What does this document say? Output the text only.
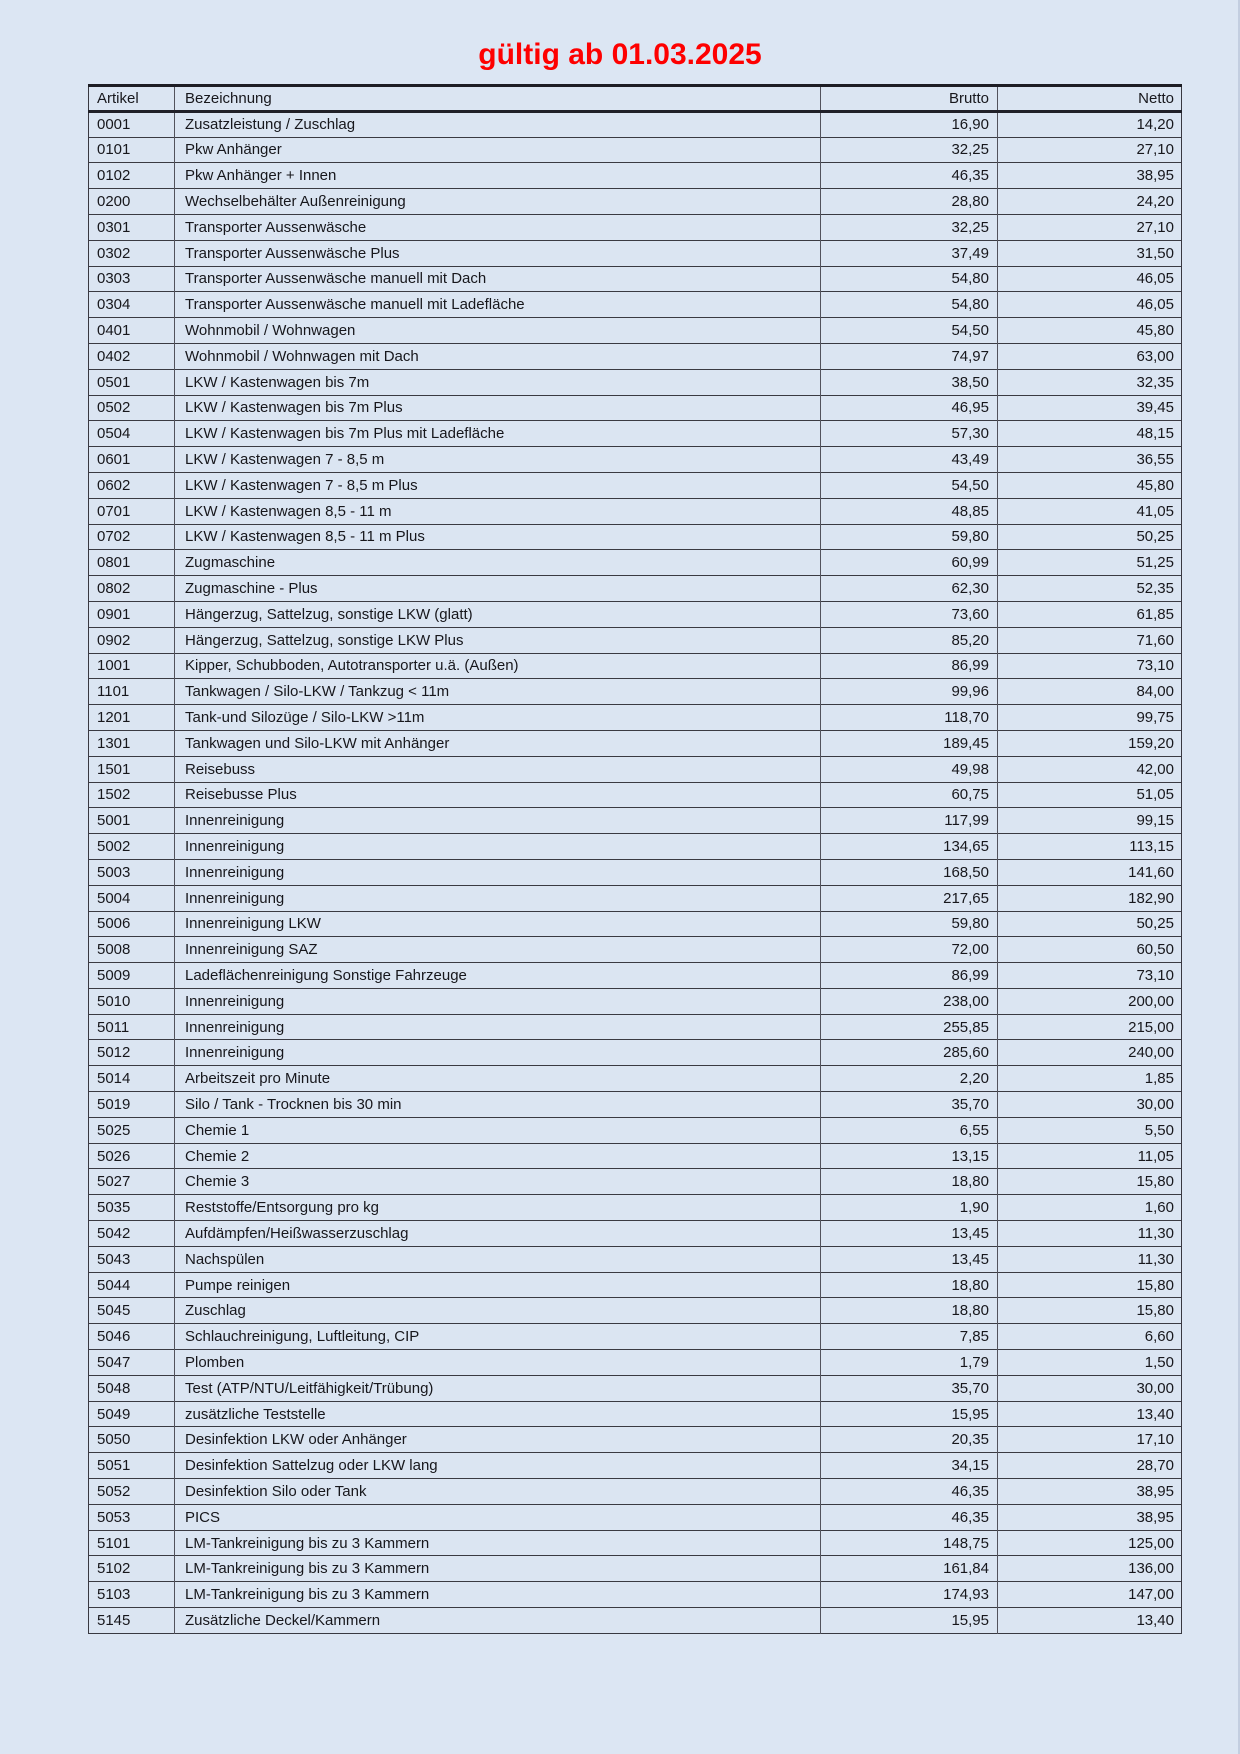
gültig ab 01.03.2025
Artikel	Bezeichnung	Brutto	Netto
0001	Zusatzleistung / Zuschlag	16,90	14,20
0101	Pkw Anhänger	32,25	27,10
0102	Pkw Anhänger + Innen	46,35	38,95
0200	Wechselbehälter Außenreinigung	28,80	24,20
0301	Transporter Aussenwäsche	32,25	27,10
0302	Transporter Aussenwäsche Plus	37,49	31,50
0303	Transporter Aussenwäsche manuell mit Dach	54,80	46,05
0304	Transporter Aussenwäsche manuell mit Ladefläche	54,80	46,05
0401	Wohnmobil / Wohnwagen	54,50	45,80
0402	Wohnmobil / Wohnwagen mit Dach	74,97	63,00
0501	LKW / Kastenwagen bis 7m	38,50	32,35
0502	LKW / Kastenwagen bis 7m Plus	46,95	39,45
0504	LKW / Kastenwagen bis 7m Plus mit Ladefläche	57,30	48,15
0601	LKW / Kastenwagen 7 - 8,5 m	43,49	36,55
0602	LKW / Kastenwagen 7 - 8,5 m Plus	54,50	45,80
0701	LKW / Kastenwagen 8,5 - 11 m	48,85	41,05
0702	LKW / Kastenwagen 8,5 - 11 m Plus	59,80	50,25
0801	Zugmaschine	60,99	51,25
0802	Zugmaschine - Plus	62,30	52,35
0901	Hängerzug, Sattelzug, sonstige LKW (glatt)	73,60	61,85
0902	Hängerzug, Sattelzug, sonstige LKW Plus	85,20	71,60
1001	Kipper, Schubboden, Autotransporter u.ä. (Außen)	86,99	73,10
1101	Tankwagen / Silo-LKW / Tankzug < 11m	99,96	84,00
1201	Tank-und Silozüge / Silo-LKW >11m	118,70	99,75
1301	Tankwagen und Silo-LKW mit Anhänger	189,45	159,20
1501	Reisebuss	49,98	42,00
1502	Reisebusse Plus	60,75	51,05
5001	Innenreinigung	117,99	99,15
5002	Innenreinigung	134,65	113,15
5003	Innenreinigung	168,50	141,60
5004	Innenreinigung	217,65	182,90
5006	Innenreinigung LKW	59,80	50,25
5008	Innenreinigung SAZ	72,00	60,50
5009	Ladeflächenreinigung Sonstige Fahrzeuge	86,99	73,10
5010	Innenreinigung	238,00	200,00
5011	Innenreinigung	255,85	215,00
5012	Innenreinigung	285,60	240,00
5014	Arbeitszeit pro Minute	2,20	1,85
5019	Silo / Tank - Trocknen bis 30 min	35,70	30,00
5025	Chemie 1	6,55	5,50
5026	Chemie 2	13,15	11,05
5027	Chemie 3	18,80	15,80
5035	Reststoffe/Entsorgung pro kg	1,90	1,60
5042	Aufdämpfen/Heißwasserzuschlag	13,45	11,30
5043	Nachspülen	13,45	11,30
5044	Pumpe reinigen	18,80	15,80
5045	Zuschlag	18,80	15,80
5046	Schlauchreinigung, Luftleitung, CIP	7,85	6,60
5047	Plomben	1,79	1,50
5048	Test (ATP/NTU/Leitfähigkeit/Trübung)	35,70	30,00
5049	zusätzliche Teststelle	15,95	13,40
5050	Desinfektion LKW oder Anhänger	20,35	17,10
5051	Desinfektion Sattelzug oder LKW lang	34,15	28,70
5052	Desinfektion Silo oder Tank	46,35	38,95
5053	PICS	46,35	38,95
5101	LM-Tankreinigung bis zu 3 Kammern	148,75	125,00
5102	LM-Tankreinigung bis zu 3 Kammern	161,84	136,00
5103	LM-Tankreinigung bis zu 3 Kammern	174,93	147,00
5145	Zusätzliche Deckel/Kammern	15,95	13,40
